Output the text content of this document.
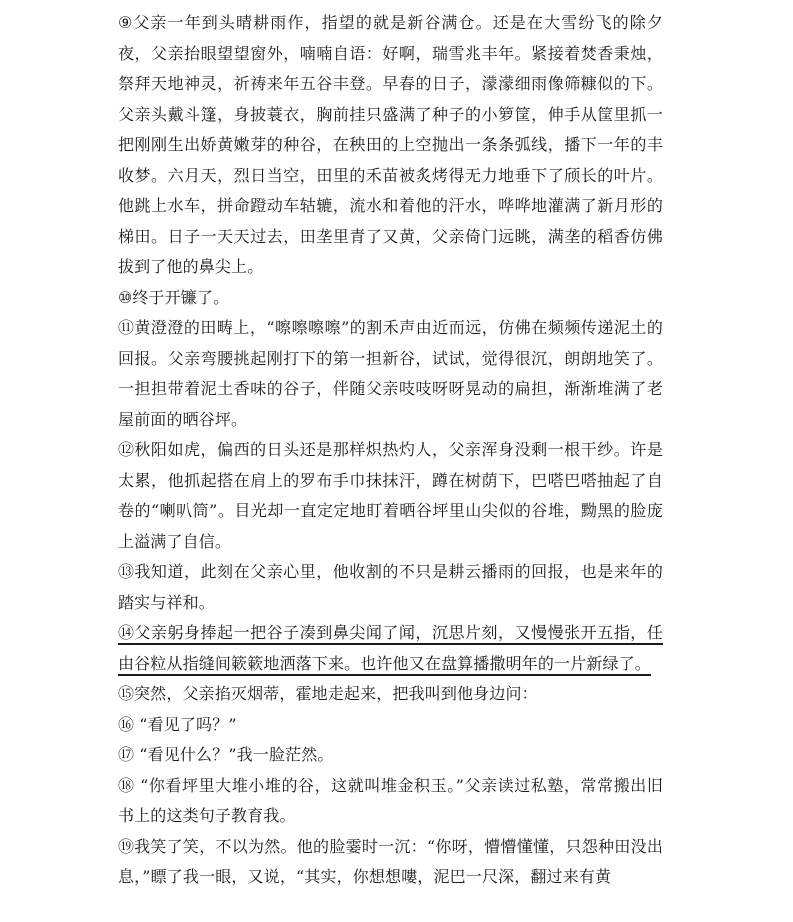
⑨父亲一年到头晴耕雨作，指望的就是新谷满仓。还是在大雪纷飞的除夕夜，父亲抬眼望望窗外，喃喃自语：好啊，瑞雪兆丰年。紧接着焚香秉烛，祭拜天地神灵，祈祷来年五谷丰登。早春的日子，濛濛细雨像筛糠似的下。父亲头戴斗篷，身披蓑衣，胸前挂只盛满了种子的小箩筐，伸手从筐里抓一把刚刚生出娇黄嫩芽的种谷，在秧田的上空抛出一条条弧线，播下一年的丰收梦。六月天，烈日当空，田里的禾苗被炙烤得无力地垂下了颀长的叶片。他跳上水车，拼命蹬动车轱辘，流水和着他的汗水，哗哗地灌满了新月形的梯田。日子一天天过去，田垄里青了又黄，父亲倚门远眺，满垄的稻香仿佛拔到了他的鼻尖上。

⑩终于开镰了。

⑪黄澄澄的田畴上，“嚓嚓嚓嚓”的割禾声由近而远，仿佛在频频传递泥土的回报。父亲弯腰挑起刚打下的第一担新谷，试试，觉得很沉，朗朗地笑了。一担担带着泥土香味的谷子，伴随父亲吱吱呀呀晃动的扁担，渐渐堆满了老屋前面的晒谷坪。

⑫秋阳如虎，偏西的日头还是那样炽热灼人，父亲浑身没剩一根干纱。许是太累，他抓起搭在肩上的罗布手巾抹抹汗，蹲在树荫下，巴嗒巴嗒抽起了自卷的“喇叭筒”。目光却一直定定地盯着晒谷坪里山尖似的谷堆，黝黑的脸庞上溢满了自信。

⑬我知道，此刻在父亲心里，他收割的不只是耕云播雨的回报，也是来年的踏实与祥和。

⑭父亲躬身捧起一把谷子凑到鼻尖闻了闻，沉思片刻，又慢慢张开五指，任由谷粒从指缝间簌簌地洒落下来。也许他又在盘算播撒明年的一片新绿了。

⑮突然，父亲掐灭烟蒂，霍地走起来，把我叫到他身边问：

⑯ “看见了吗？”

⑰ “看见什么？”我一脸茫然。

⑱ “你看坪里大堆小堆的谷，这就叫堆金积玉。”父亲读过私塾，常常搬出旧书上的这类句子教育我。

⑲我笑了笑，不以为然。他的脸霎时一沉：“你呀，懵懵懂懂，只怨种田没出息，”瞟了我一眼，又说，“其实，你想想嘍，泥巴一尺深，翻过来有黄
